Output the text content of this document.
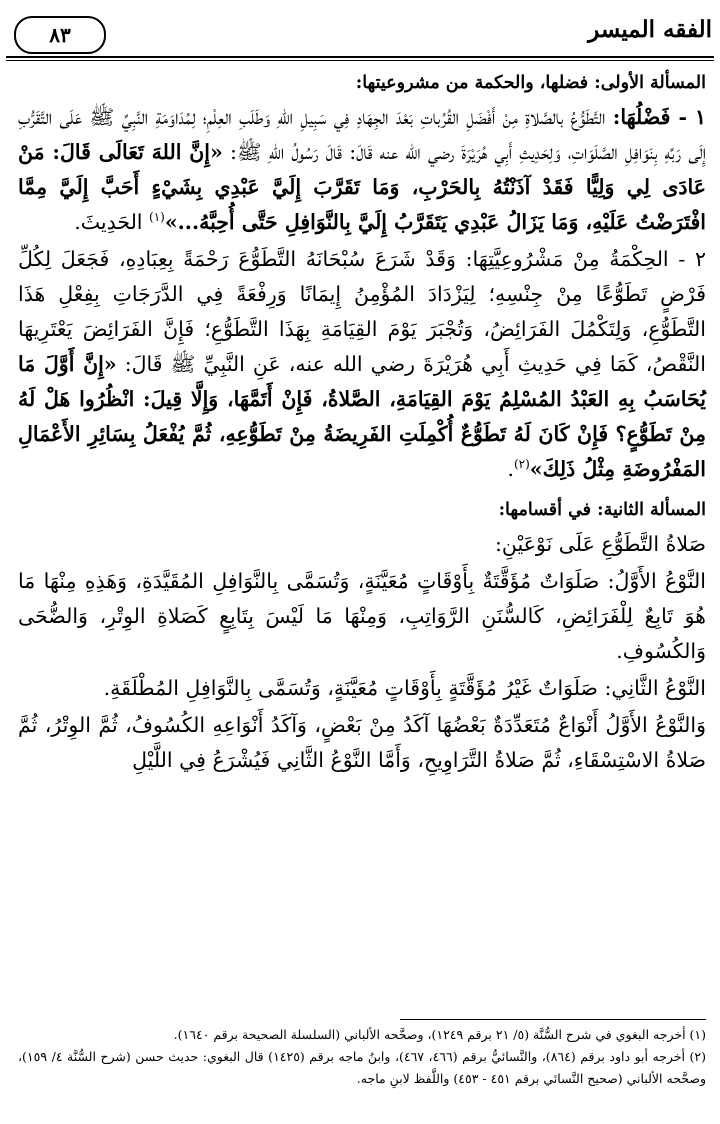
٨٣	الفقه الميسر

المسألة الأولى: فضلها، والحكمة من مشروعيتها:

١ - فَضْلُهَا: التَّطَوُّعُ بالصَّلاةِ مِنْ أَفْضَلِ القُرُباتِ بَعْدَ الجِهَادِ فِي سَبِيلِ اللهِ وَطَلَبِ العِلْمِ؛ لِمُدَاوَمَةِ النَّبِيِّ ﷺ عَلَى التَّقَرُّبِ إِلَى رَبِّهِ بِنَوَافِلِ الصَّلَوَاتِ، وَلِحَدِيثِ أَبِي هُرَيْرَةَ رضي الله عنه قَالَ: قَالَ رَسُولُ اللهِ ﷺ: «إِنَّ اللهَ تَعَالَى قَالَ: مَنْ عَادَى لِي وَلِيًّا فَقَدْ آذَنْتُهُ بِالحَرْبِ، وَمَا تَقَرَّبَ إِلَيَّ عَبْدِي بِشَيْءٍ أَحَبَّ إِلَيَّ مِمَّا افْتَرَضْتُ عَلَيْهِ، وَمَا يَزَالُ عَبْدِي يَتَقَرَّبُ إِلَيَّ بِالنَّوَافِلِ حَتَّى أُحِبَّهُ...»$^{(١)}$ الحَدِيثَ.

٢ - الحِكْمَةُ مِنْ مَشْرُوعِيَّتِهَا: وَقَدْ شَرَعَ سُبْحَانَهُ التَّطَوُّعَ رَحْمَةً بِعِبَادِهِ، فَجَعَلَ لِكُلِّ فَرْضٍ تَطَوُّعًا مِنْ جِنْسِهِ؛ لِيَزْدَادَ المُؤْمِنُ إِيمَانًا وَرِفْعَةً فِي الدَّرَجَاتِ بِفِعْلِ هَذَا التَّطَوُّعِ، وَلِتَكْمُلَ الفَرَائِضُ، وَتُجْبَرَ يَوْمَ القِيَامَةِ بِهَذَا التَّطَوُّعِ؛ فَإِنَّ الفَرَائِضَ يَعْتَرِيهَا النَّقْصُ، كَمَا فِي حَدِيثِ أَبِي هُرَيْرَةَ رضي الله عنه، عَنِ النَّبِيِّ ﷺ قَالَ: «إِنَّ أَوَّلَ مَا يُحَاسَبُ بِهِ العَبْدُ المُسْلِمُ يَوْمَ القِيَامَةِ، الصَّلاةُ، فَإِنْ أَتَمَّهَا، وَإِلَّا قِيلَ: انْظُرُوا هَلْ لَهُ مِنْ تَطَوُّعٍ؟ فَإِنْ كَانَ لَهُ تَطَوُّعٌ أُكْمِلَتِ الفَرِيضَةُ مِنْ تَطَوُّعِهِ، ثُمَّ يُفْعَلُ بِسَائِرِ الأَعْمَالِ المَفْرُوضَةِ مِثْلُ ذَلِكَ»$^{(٢)}$.

المسألة الثانية: في أقسامها:

صَلاةُ التَّطَوُّعِ عَلَى نَوْعَيْنِ:

النَّوْعُ الأَوَّلُ: صَلَوَاتٌ مُؤَقَّتَةٌ بِأَوْقَاتٍ مُعَيَّنَةٍ، وَتُسَمَّى بِالنَّوَافِلِ المُقَيَّدَةِ، وَهَذِهِ مِنْهَا مَا هُوَ تَابِعٌ لِلْفَرَائِضِ، كَالسُّنَنِ الرَّوَاتِبِ، وَمِنْهَا مَا لَيْسَ بِتَابِعٍ كَصَلاةِ الوِتْرِ، وَالضُّحَى وَالكُسُوفِ.

النَّوْعُ الثَّانِي: صَلَوَاتٌ غَيْرُ مُؤَقَّتَةٍ بِأَوْقَاتٍ مُعَيَّنَةٍ، وَتُسَمَّى بِالنَّوَافِلِ المُطْلَقَةِ.

وَالنَّوْعُ الأَوَّلُ أَنْوَاعٌ مُتَعَدِّدَةٌ بَعْضُهَا آكَدُ مِنْ بَعْضٍ، وَآكَدُ أَنْوَاعِهِ الكُسُوفُ، ثُمَّ الوِتْرُ، ثُمَّ صَلاةُ الاسْتِسْقَاءِ، ثُمَّ صَلاةُ التَّرَاوِيحِ، وَأَمَّا النَّوْعُ الثَّانِي فَيُشْرَعُ فِي اللَّيْلِ

(١) أخرجه البغوي في شرح السُّنَّة (٥/ ٢١ برقم ١٢٤٩)، وصحَّحه الألباني (السلسلة الصحيحة برقم ١٦٤٠).

(٢) أخرجه أبو داود برقم (٨٦٤)، والنَّسائيُّ برقم (٤٦٦، ٤٦٧)، وابنُ ماجه برقم (١٤٢٥) قال البغوي: حديث حسن (شرح السُّنَّة ٤/ ١٥٩)، وصحَّحه الألباني (صحيح النَّسائي برقم ٤٥١ - ٤٥٣) واللَّفظ لابنِ ماجه.
